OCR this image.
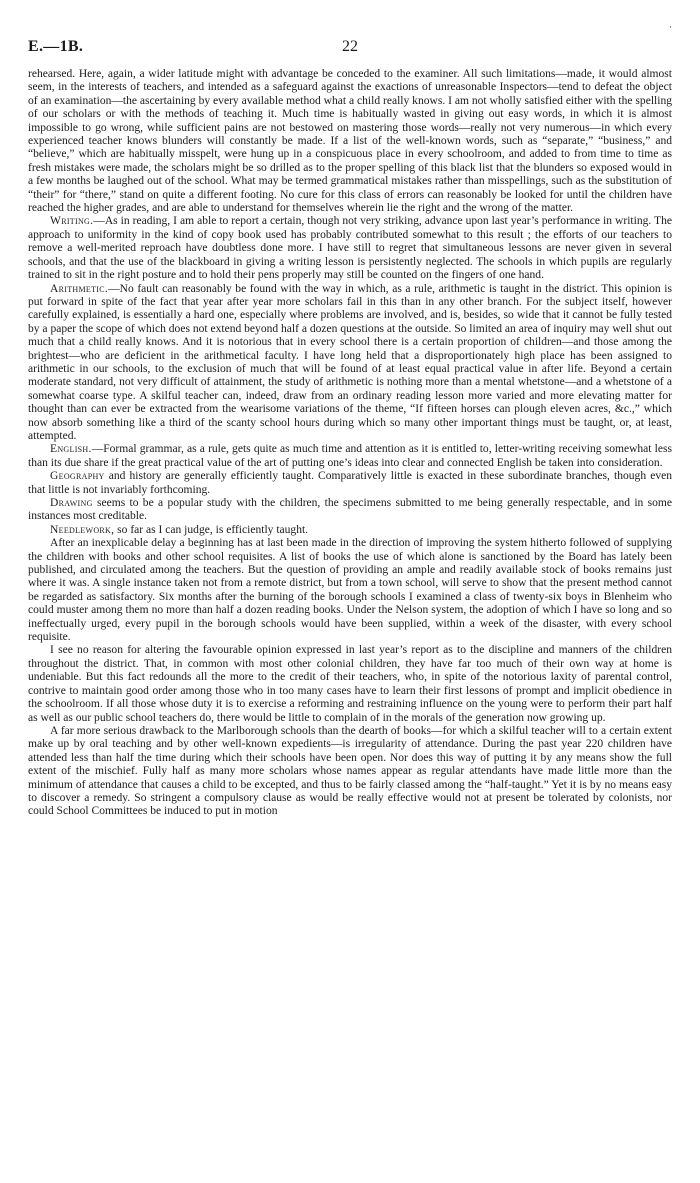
E.—1B.	22
·

rehearsed. Here, again, a wider latitude might with advantage be conceded to the examiner. All such limitations—made, it would almost seem, in the interests of teachers, and intended as a safeguard against the exactions of unreasonable Inspectors—tend to defeat the object of an examination—the ascertaining by every available method what a child really knows. I am not wholly satisfied either with the spelling of our scholars or with the methods of teaching it. Much time is habitually wasted in giving out easy words, in which it is almost impossible to go wrong, while sufficient pains are not bestowed on mastering those words—really not very numerous—in which every experienced teacher knows blunders will constantly be made. If a list of the well-known words, such as “separate,” “business,” and “believe,” which are habitually misspelt, were hung up in a conspicuous place in every schoolroom, and added to from time to time as fresh mistakes were made, the scholars might be so drilled as to the proper spelling of this black list that the blunders so exposed would in a few months be laughed out of the school. What may be termed grammatical mistakes rather than misspellings, such as the substitution of “their” for “there,” stand on quite a different footing. No cure for this class of errors can reasonably be looked for until the children have reached the higher grades, and are able to understand for themselves wherein lie the right and the wrong of the matter.

Writing.—As in reading, I am able to report a certain, though not very striking, advance upon last year’s performance in writing. The approach to uniformity in the kind of copy book used has probably contributed somewhat to this result ; the efforts of our teachers to remove a well-merited reproach have doubtless done more. I have still to regret that simultaneous lessons are never given in several schools, and that the use of the blackboard in giving a writing lesson is persistently neglected. The schools in which pupils are regularly trained to sit in the right posture and to hold their pens properly may still be counted on the fingers of one hand.

Arithmetic.—No fault can reasonably be found with the way in which, as a rule, arithmetic is taught in the district. This opinion is put forward in spite of the fact that year after year more scholars fail in this than in any other branch. For the subject itself, however carefully explained, is essentially a hard one, especially where problems are involved, and is, besides, so wide that it cannot be fully tested by a paper the scope of which does not extend beyond half a dozen questions at the outside. So limited an area of inquiry may well shut out much that a child really knows. And it is notorious that in every school there is a certain proportion of children—and those among the brightest—who are deficient in the arithmetical faculty. I have long held that a disproportionately high place has been assigned to arithmetic in our schools, to the exclusion of much that will be found of at least equal practical value in after life. Beyond a certain moderate standard, not very difficult of attainment, the study of arithmetic is nothing more than a mental whetstone—and a whetstone of a somewhat coarse type. A skilful teacher can, indeed, draw from an ordinary reading lesson more varied and more elevating matter for thought than can ever be extracted from the wearisome variations of the theme, “If fifteen horses can plough eleven acres, &c.,” which now absorb something like a third of the scanty school hours during which so many other important things must be taught, or, at least, attempted.

English.—Formal grammar, as a rule, gets quite as much time and attention as it is entitled to, letter-writing receiving somewhat less than its due share if the great practical value of the art of putting one’s ideas into clear and connected English be taken into consideration.

Geography and history are generally efficiently taught. Comparatively little is exacted in these subordinate branches, though even that little is not invariably forthcoming.

Drawing seems to be a popular study with the children, the specimens submitted to me being generally respectable, and in some instances most creditable.

Needlework, so far as I can judge, is efficiently taught.

After an inexplicable delay a beginning has at last been made in the direction of improving the system hitherto followed of supplying the children with books and other school requisites. A list of books the use of which alone is sanctioned by the Board has lately been published, and circulated among the teachers. But the question of providing an ample and readily available stock of books remains just where it was. A single instance taken not from a remote district, but from a town school, will serve to show that the present method cannot be regarded as satisfactory. Six months after the burning of the borough schools I examined a class of twenty-six boys in Blenheim who could muster among them no more than half a dozen reading books. Under the Nelson system, the adoption of which I have so long and so ineffectually urged, every pupil in the borough schools would have been supplied, within a week of the disaster, with every school requisite.

I see no reason for altering the favourable opinion expressed in last year’s report as to the discipline and manners of the children throughout the district. That, in common with most other colonial children, they have far too much of their own way at home is undeniable. But this fact redounds all the more to the credit of their teachers, who, in spite of the notorious laxity of parental control, contrive to maintain good order among those who in too many cases have to learn their first lessons of prompt and implicit obedience in the schoolroom. If all those whose duty it is to exercise a reforming and restraining influence on the young were to perform their part half as well as our public school teachers do, there would be little to complain of in the morals of the generation now growing up.

A far more serious drawback to the Marlborough schools than the dearth of books—for which a skilful teacher will to a certain extent make up by oral teaching and by other well-known expedients—is irregularity of attendance. During the past year 220 children have attended less than half the time during which their schools have been open. Nor does this way of putting it by any means show the full extent of the mischief. Fully half as many more scholars whose names appear as regular attendants have made little more than the minimum of attendance that causes a child to be excepted, and thus to be fairly classed among the “half-taught.” Yet it is by no means easy to discover a remedy. So stringent a compulsory clause as would be really effective would not at present be tolerated by colonists, nor could School Committees be induced to put in motion
